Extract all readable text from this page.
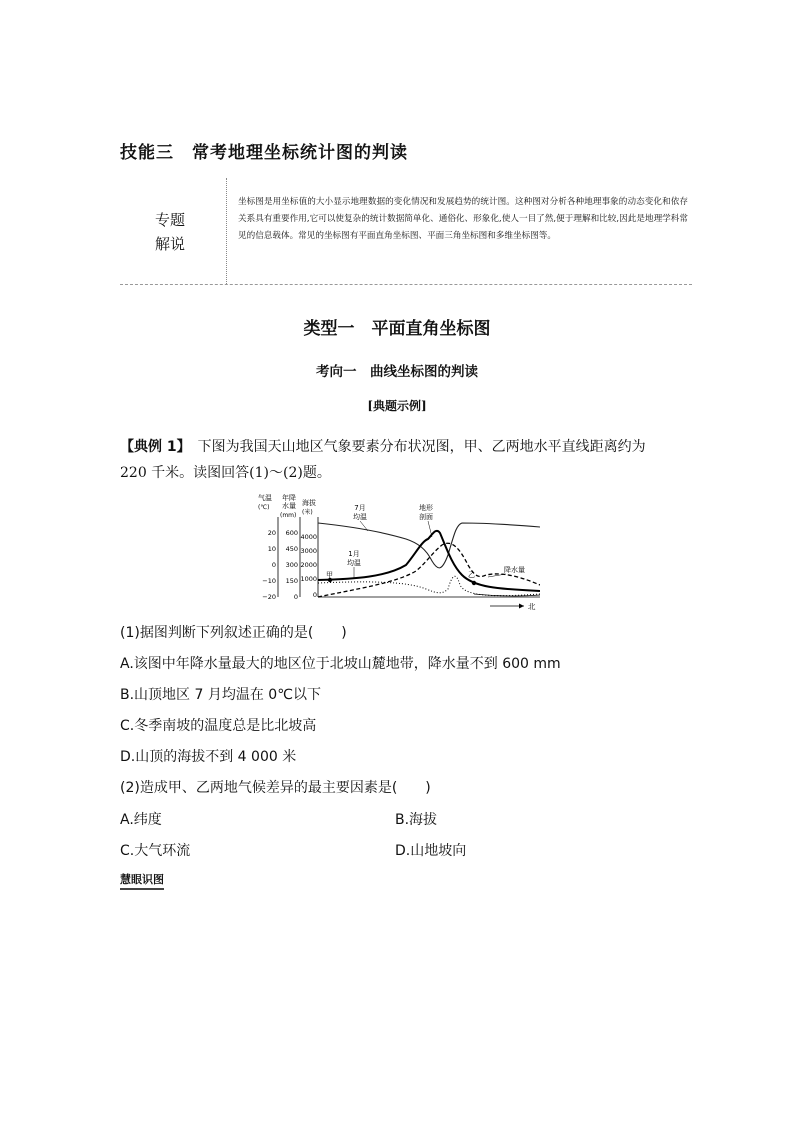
技能三　常考地理坐标统计图的判读
专题
解说
坐标图是用坐标值的大小显示地理数据的变化情况和发展趋势的统计图。这种图对分析各种地理事象的动态变化和依存关系具有重要作用,它可以使复杂的统计数据简单化、通俗化、形象化,使人一目了然,便于理解和比较,因此是地理学科常见的信息载体。常见的坐标图有平面直角坐标图、平面三角坐标图和多维坐标图等。
类型一　平面直角坐标图
考向一　曲线坐标图的判读
[典题示例]
【典例 1】　下图为我国天山地区气象要素分布状况图，甲、乙两地水平直线距离约为 220 千米。读图回答(1)～(2)题。
气温
(℃)
年降
水量
(mm)
海拔
(米)
20
10
0
−10
−20
600
450
300
150
0
4000
3000
2000
1000
0
7月
均温
地形
剖面
1月
均温
降水量
甲	乙
北
(1)据图判断下列叙述正确的是(　　)
A.该图中年降水量最大的地区位于北坡山麓地带，降水量不到 600 mm
B.山顶地区 7 月均温在 0℃以下
C.冬季南坡的温度总是比北坡高
D.山顶的海拔不到 4 000 米
(2)造成甲、乙两地气候差异的最主要因素是(　　)
A.纬度	B.海拔
C.大气环流	D.山地坡向
慧眼识图
